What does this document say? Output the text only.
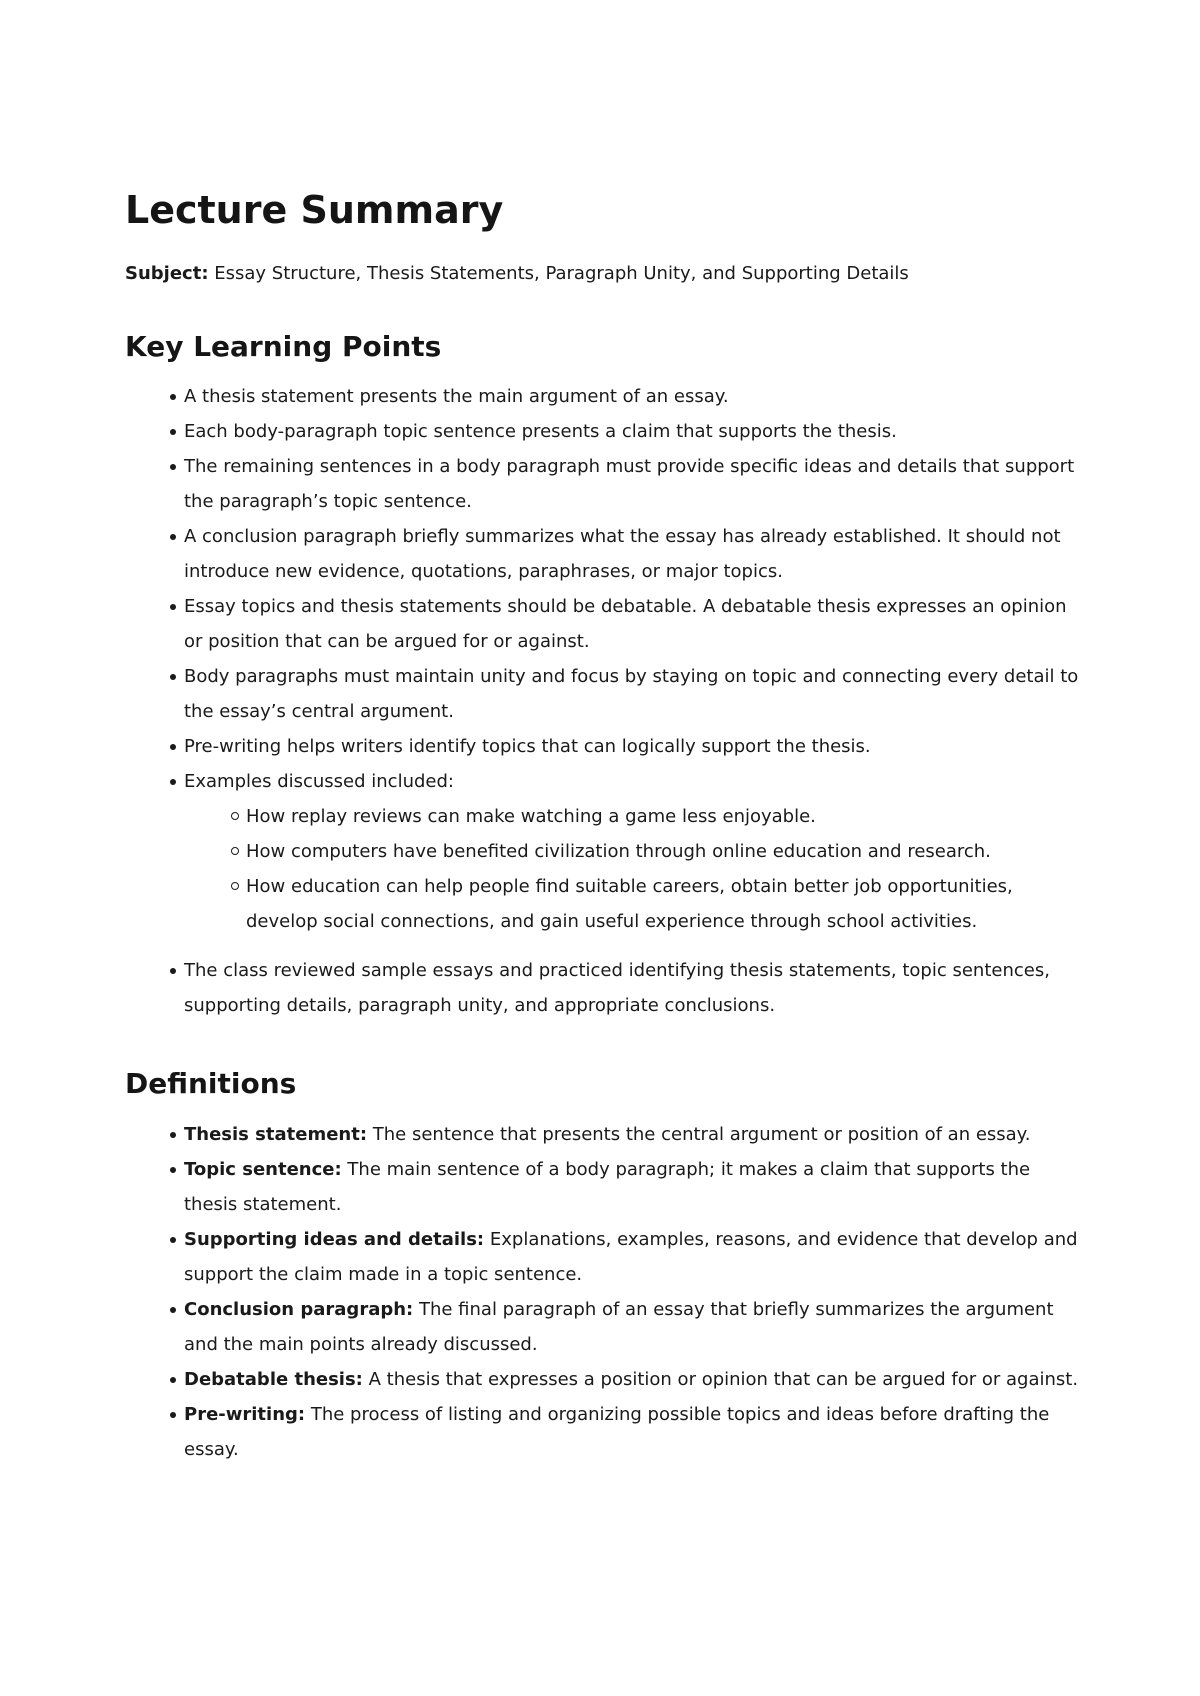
Lecture Summary

Subject: Essay Structure, Thesis Statements, Paragraph Unity, and Supporting Details

Key Learning Points
A thesis statement presents the main argument of an essay.
Each body-paragraph topic sentence presents a claim that supports the thesis.
The remaining sentences in a body paragraph must provide specific ideas and details that support the paragraph’s topic sentence.
A conclusion paragraph briefly summarizes what the essay has already established. It should not introduce new evidence, quotations, paraphrases, or major topics.
Essay topics and thesis statements should be debatable. A debatable thesis expresses an opinion or position that can be argued for or against.
Body paragraphs must maintain unity and focus by staying on topic and connecting every detail to the essay’s central argument.
Pre-writing helps writers identify topics that can logically support the thesis.
Examples discussed included:
How replay reviews can make watching a game less enjoyable.
How computers have benefited civilization through online education and research.
How education can help people find suitable careers, obtain better job opportunities, develop social connections, and gain useful experience through school activities.
The class reviewed sample essays and practiced identifying thesis statements, topic sentences, supporting details, paragraph unity, and appropriate conclusions.
Definitions
Thesis statement: The sentence that presents the central argument or position of an essay.
Topic sentence: The main sentence of a body paragraph; it makes a claim that supports the thesis statement.
Supporting ideas and details: Explanations, examples, reasons, and evidence that develop and support the claim made in a topic sentence.
Conclusion paragraph: The final paragraph of an essay that briefly summarizes the argument and the main points already discussed.
Debatable thesis: A thesis that expresses a position or opinion that can be argued for or against.
Pre-writing: The process of listing and organizing possible topics and ideas before drafting the essay.
